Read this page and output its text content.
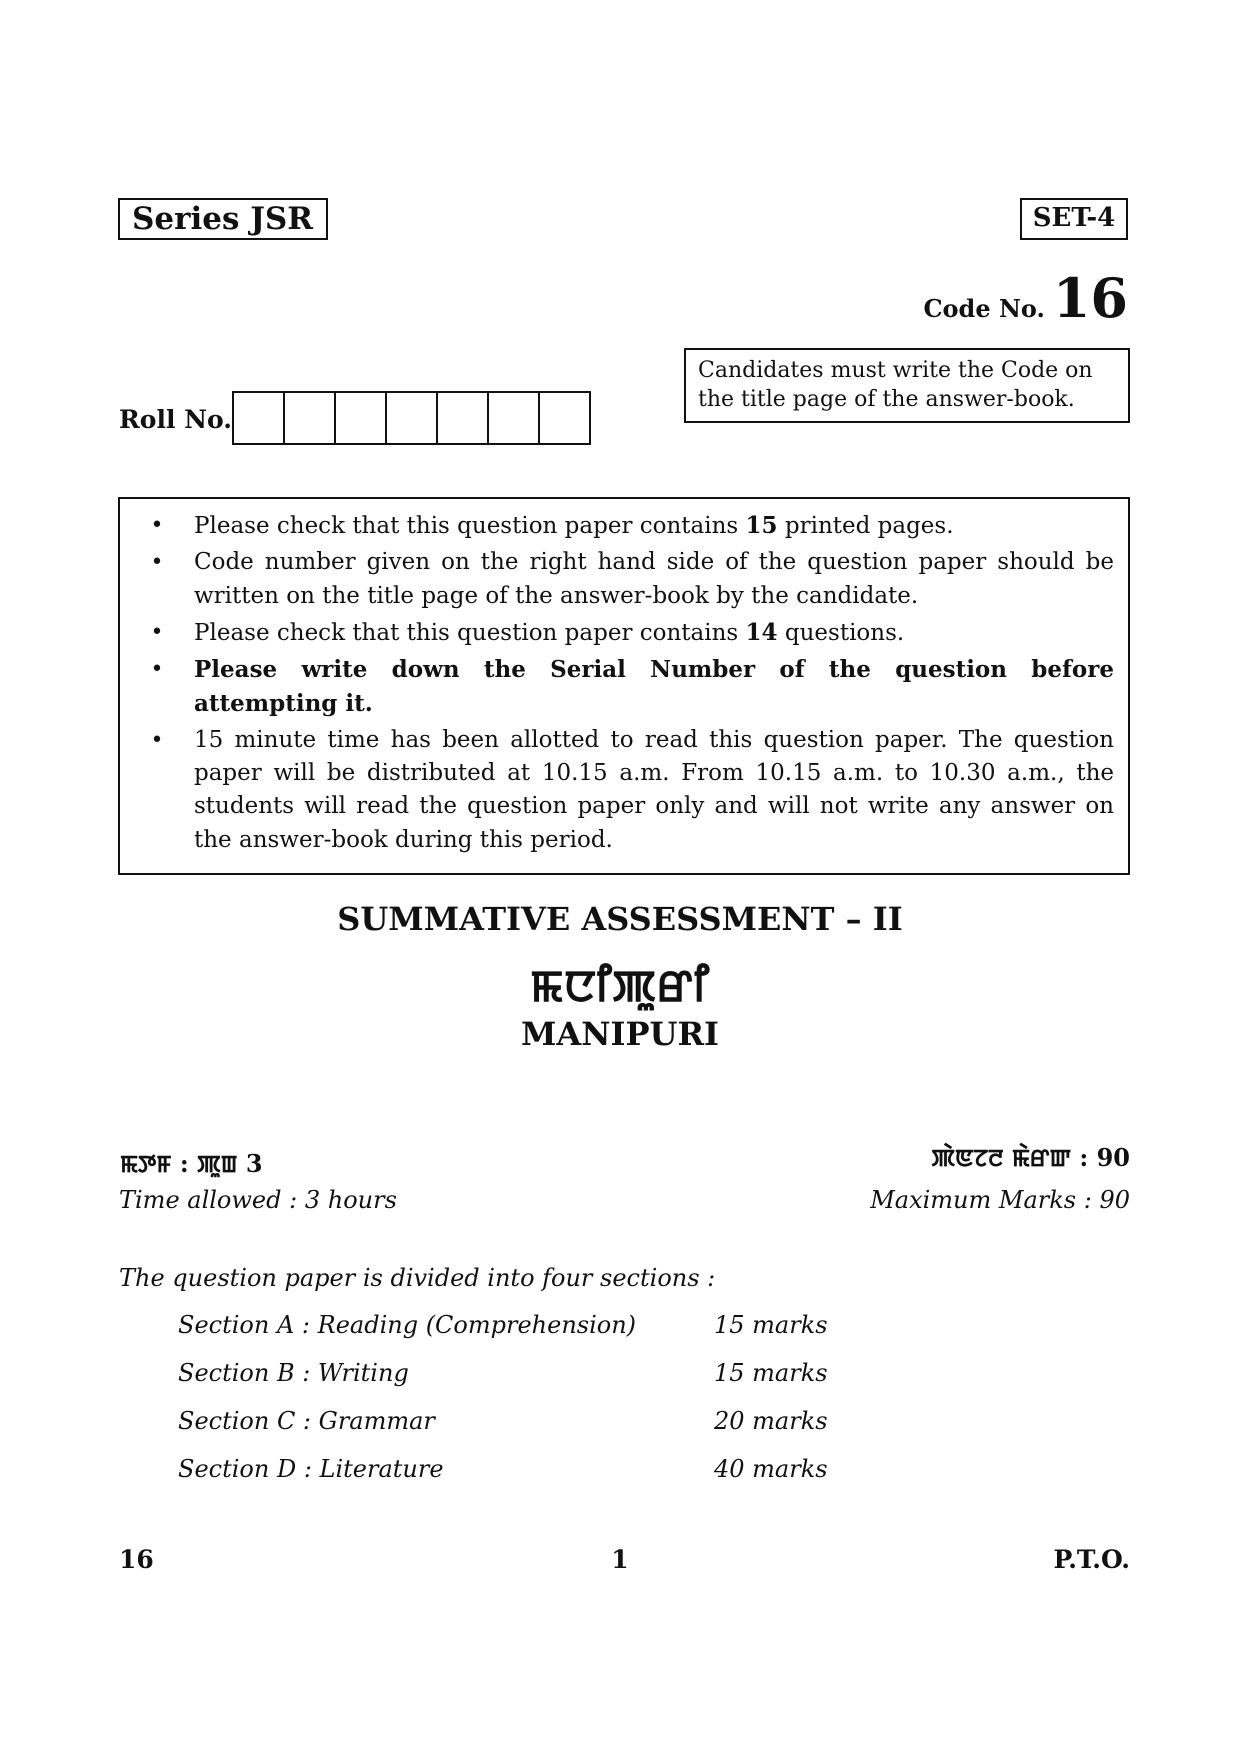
Series JSR	SET-4
Code No. 16
Candidates must write the Code on the title page of the answer-book.
Roll No.
•	Please check that this question paper contains 15 printed pages.
•	Code number given on the right hand side of the question paper should be written on the title page of the answer-book by the candidate.
•	Please check that this question paper contains 14 questions.
•	Please write down the Serial Number of the question before attempting it.
•	15 minute time has been allotted to read this question paper. The question paper will be distributed at 10.15 a.m. From 10.15 a.m. to 10.30 a.m., the students will read the question paper only and will not write any answer on the answer-book during this period.
SUMMATIVE ASSESSMENT – II
ꯃꯅꯤꯄꯨꯔꯤ
MANIPURI
ꯃꯇꯝ : ꯄꯨꯡ 3	ꯄꯥꯟꯖꯂ ꯃꯥꯔꯛ : 90
Time allowed : 3 hours	Maximum Marks : 90
The question paper is divided into four sections :
Section A : Reading (Comprehension)	15 marks
Section B : Writing	15 marks
Section C : Grammar	20 marks
Section D : Literature	40 marks
16	1	P.T.O.
